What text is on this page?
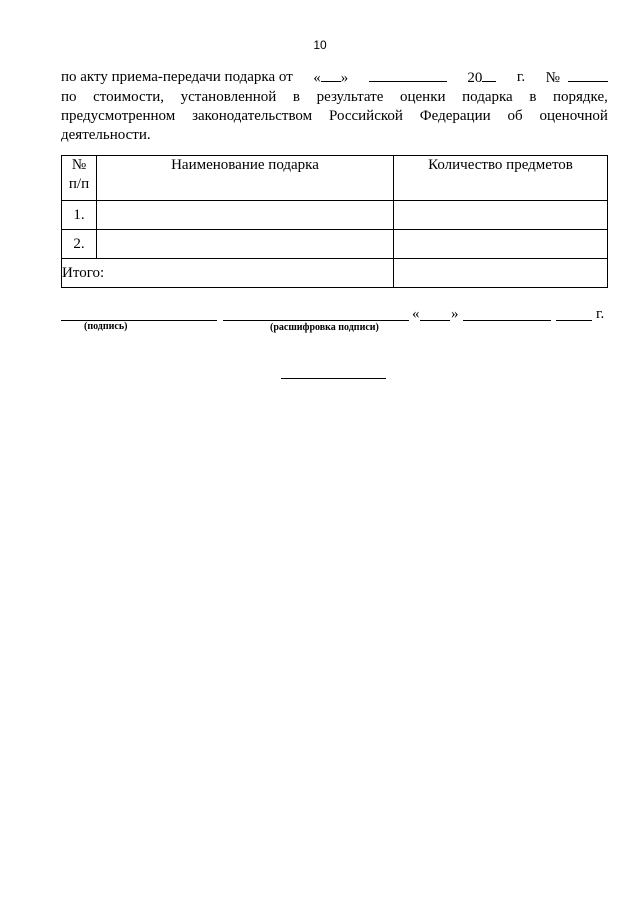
10
по акту приема-передачи подарка от « »	20	г. №
по стоимости, установленной в результате оценки подарка в порядке,
предусмотренном законодательством Российской Федерации об оценочной
деятельности.
№
п/п	Наименование подарка	Количество предметов
1.		
2.		
Итого:		
« »	г.
(подпись)	(расшифровка подписи)
